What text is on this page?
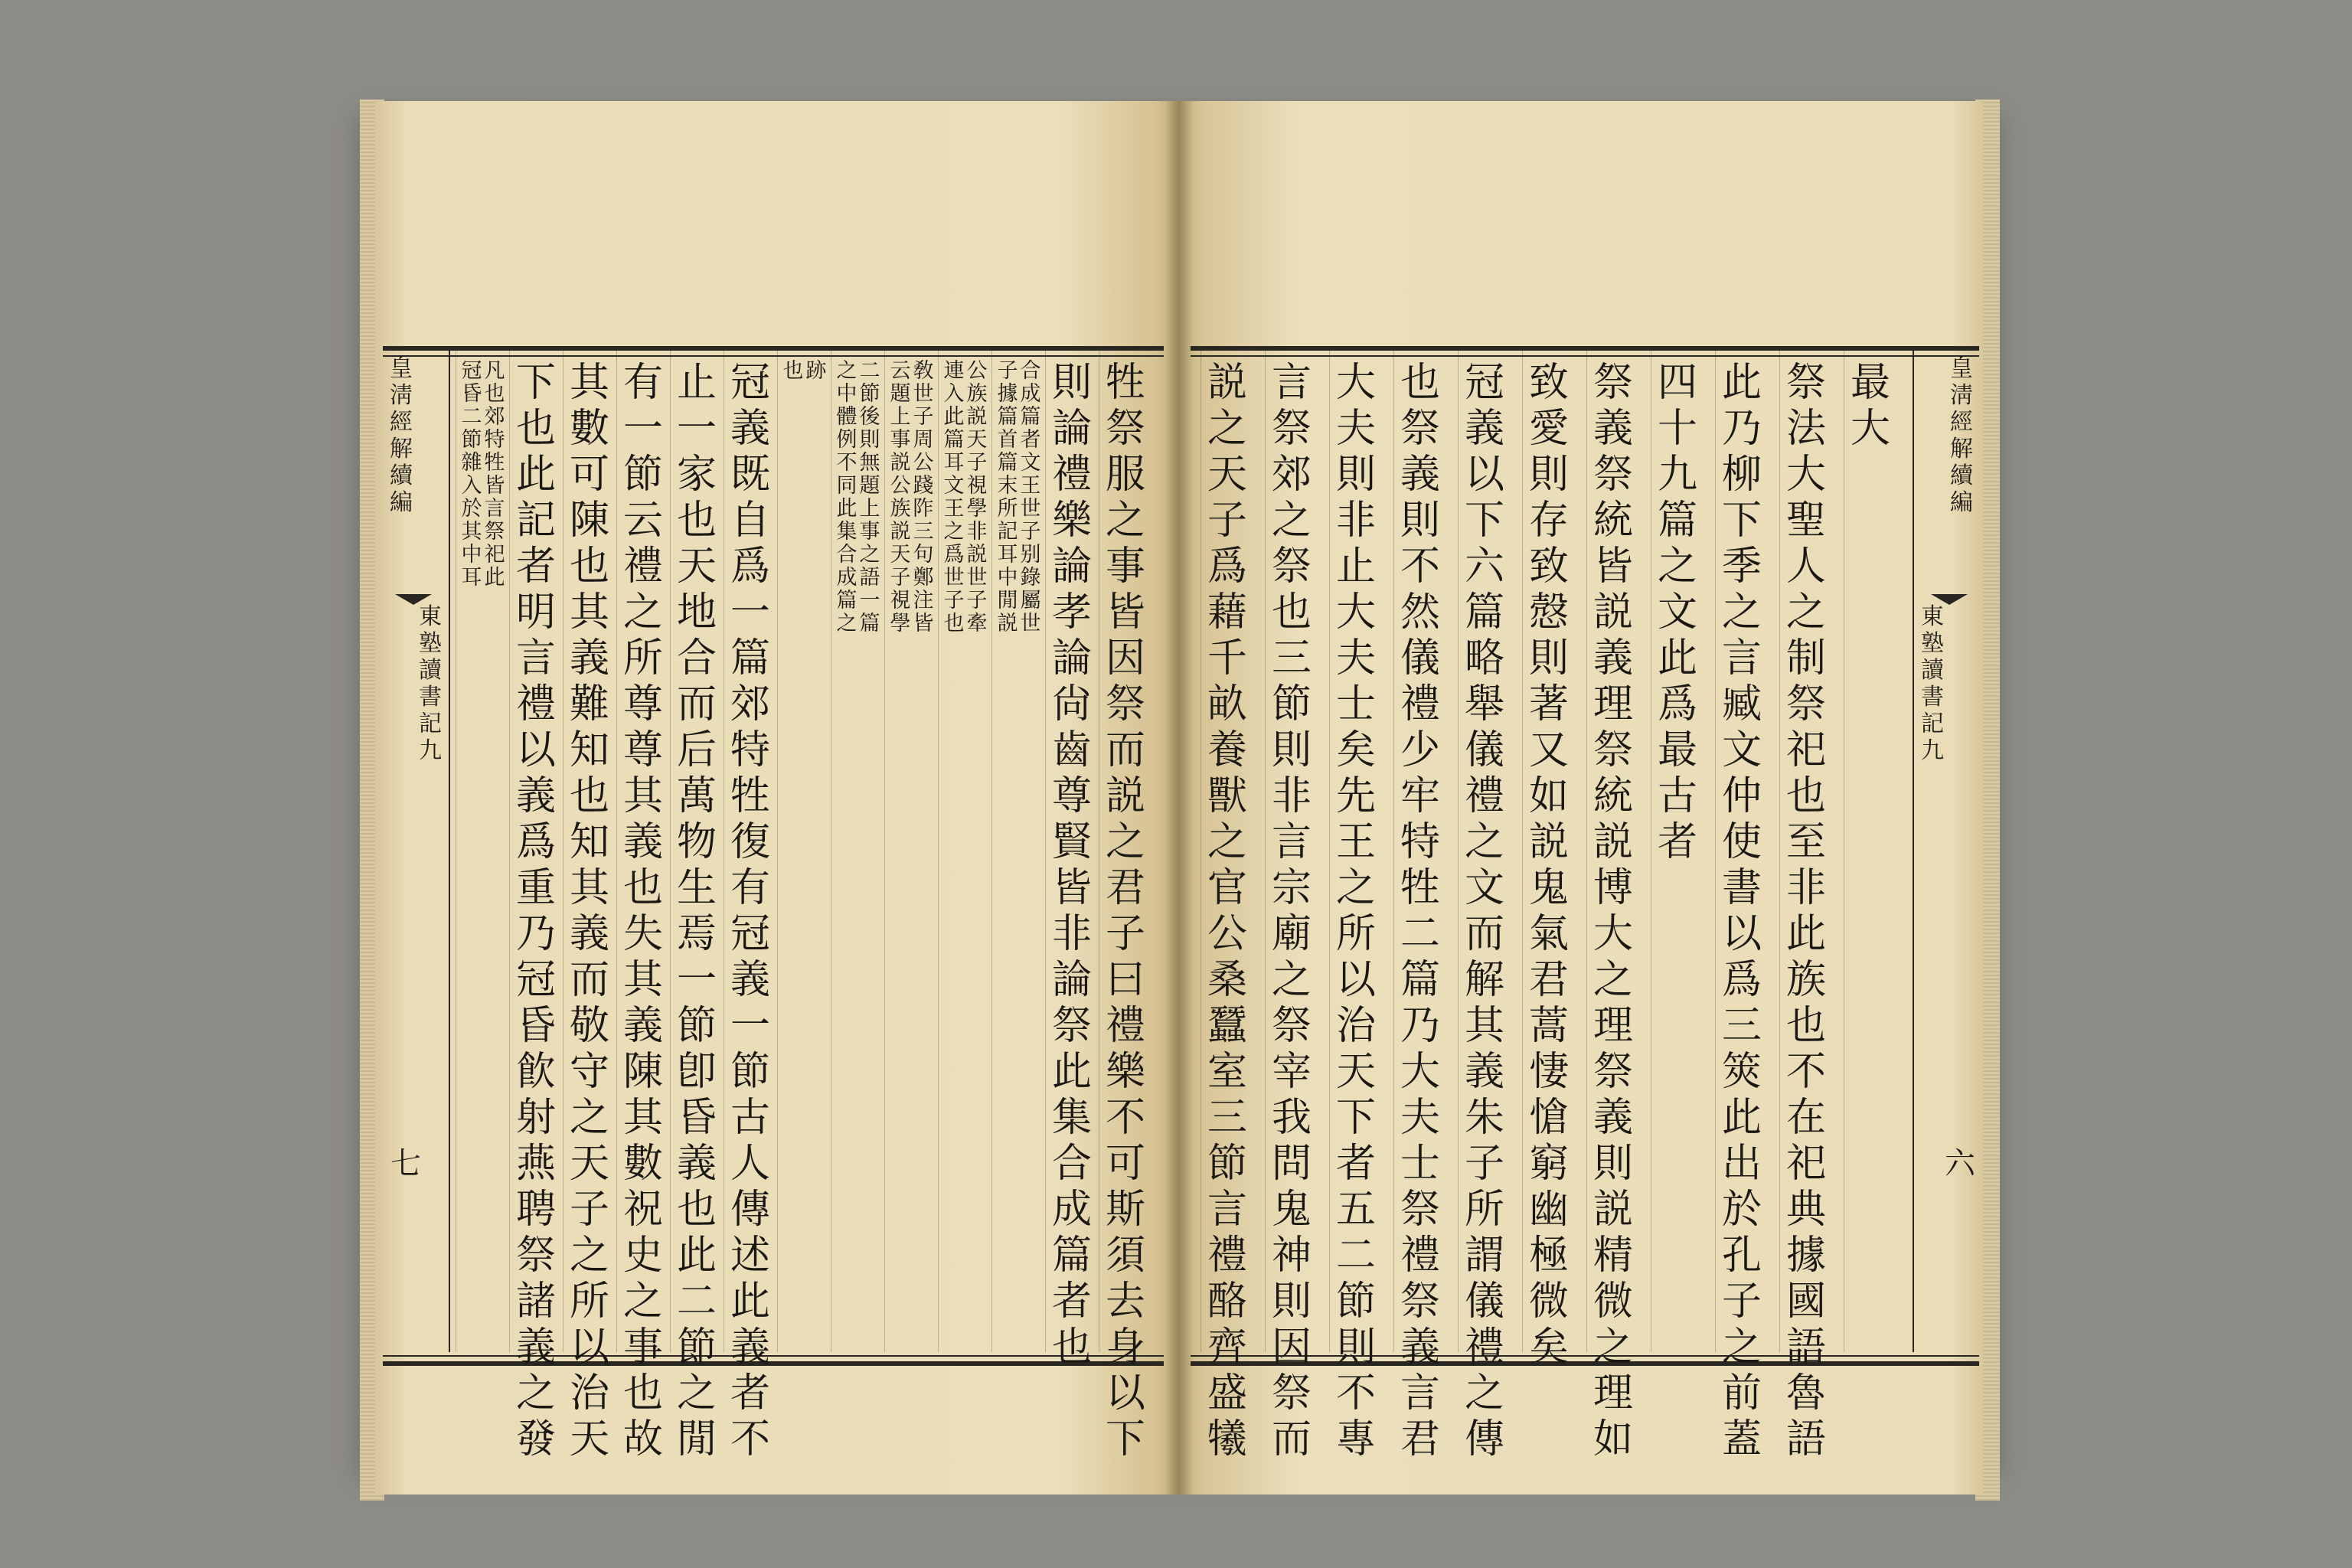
皇淸經解續編
東塾讀書記九
七
皇淸經解續編
東塾讀書記九
六
牲祭服之事皆因祭而説之君子曰禮樂不可斯須去身以下
則論禮樂論孝論尙齒尊賢皆非論祭此集合成篇者也
合成篇者文王世子别錄屬世
子據篇首篇末所記耳中閒説
公族説天子視學非説世子牽
連入此篇耳文王之爲世子也
敎世子周公踐阼三句鄭注皆
云題上事説公族説天子視學
二節後則無題上事之語一篇
之中體例不同此集合成篇之
跡
也
冠義既自爲一篇郊特牲復有冠義一節古人傳述此義者不
止一家也天地合而后萬物生焉一節卽昏義也此二節之閒
有一節云禮之所尊尊其義也失其義陳其數祝史之事也故
其數可陳也其義難知也知其義而敬守之天子之所以治天
下也此記者明言禮以義爲重乃冠昏飮射燕聘祭諸義之發
凡也郊特牲皆言祭祀此
冠昏二節雜入於其中耳
最大
祭法大聖人之制祭祀也至非此族也不在祀典據國語魯語
此乃柳下季之言臧文仲使書以爲三筴此出於孔子之前蓋
四十九篇之文此爲最古者
祭義祭統皆説義理祭統説博大之理祭義則説精微之理如
致愛則存致慤則著又如説鬼氣君蒿悽愴窮幽極微矣
冠義以下六篇略舉儀禮之文而解其義朱子所謂儀禮之傳
也祭義則不然儀禮少牢特牲二篇乃大夫士祭禮祭義言君
大夫則非止大夫士矣先王之所以治天下者五二節則不專
言祭郊之祭也三節則非言宗廟之祭宰我問鬼神則因祭而
説之天子爲藉千畝養獸之官公桑蠶室三節言禮酪齊盛犧
